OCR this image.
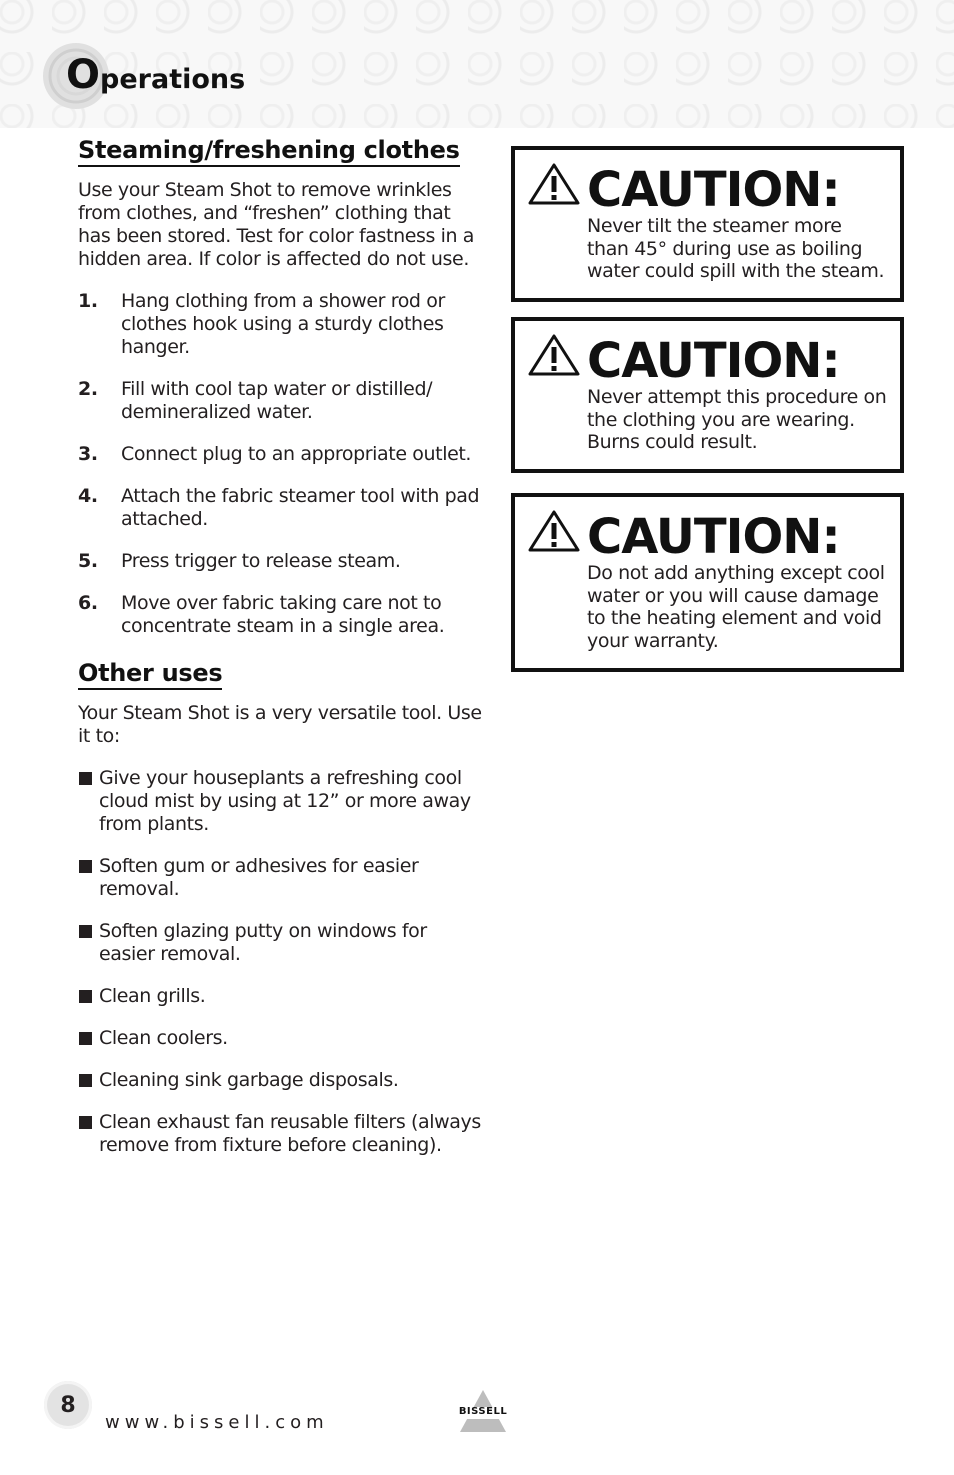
Operations
Steaming/freshening clothes

Use your Steam Shot to remove wrinkles from clothes, and “freshen” clothing that has been stored. Test for color fastness in a hidden area. If color is affected do not use.

1.	Hang clothing from a shower rod or clothes hook using a sturdy clothes hanger.
2.	Fill with cool tap water or distilled/ demineralized water.
3.	Connect plug to an appropriate outlet.
4.	Attach the fabric steamer tool with pad attached.
5.	Press trigger to release steam.
6.	Move over fabric taking care not to concentrate steam in a single area.
Other uses

Your Steam Shot is a very versatile tool. Use it to:

Give your houseplants a refreshing cool cloud mist by using at 12” or more away from plants.
Soften gum or adhesives for easier removal.
Soften glazing putty on windows for easier removal.
Clean grills.
Clean coolers.
Cleaning sink garbage disposals.
Clean exhaust fan reusable filters (always remove from fixture before cleaning).
CAUTION:
Never tilt the steamer more than 45° during use as boiling water could spill with the steam.
CAUTION:
Never attempt this procedure on the clothing you are wearing. Burns could result.
CAUTION:
Do not add anything except cool water or you will cause damage to the heating element and void your warranty.
8
www.bissell.com
BISSELL
